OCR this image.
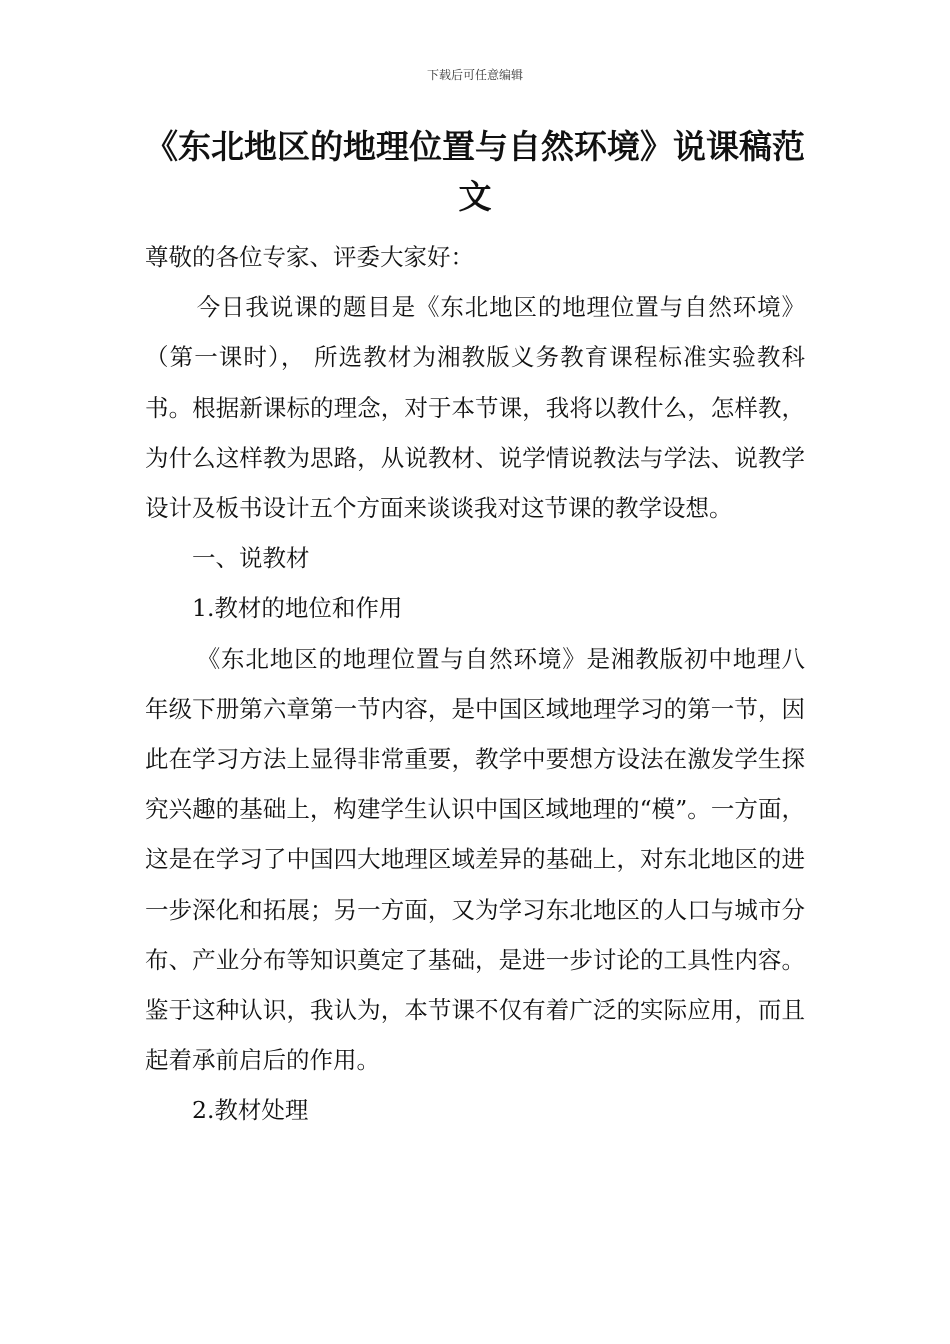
下载后可任意编辑
《东北地区的地理位置与自然环境》说课稿范文

尊敬的各位专家、评委大家好：

今日我说课的题目是《东北地区的地理位置与自然环境》（第一课时）， 所选教材为湘教版义务教育课程标准实验教科书。根据新课标的理念，对于本节课，我将以教什么，怎样教，为什么这样教为思路，从说教材、说学情说教法与学法、说教学设计及板书设计五个方面来谈谈我对这节课的教学设想。

一、说教材

1.教材的地位和作用

《东北地区的地理位置与自然环境》是湘教版初中地理八年级下册第六章第一节内容，是中国区域地理学习的第一节，因此在学习方法上显得非常重要，教学中要想方设法在激发学生探究兴趣的基础上，构建学生认识中国区域地理的“模”。一方面，这是在学习了中国四大地理区域差异的基础上，对东北地区的进一步深化和拓展；另一方面，又为学习东北地区的人口与城市分布、产业分布等知识奠定了基础，是进一步讨论的工具性内容。鉴于这种认识，我认为，本节课不仅有着广泛的实际应用，而且起着承前启后的作用。

2.教材处理
